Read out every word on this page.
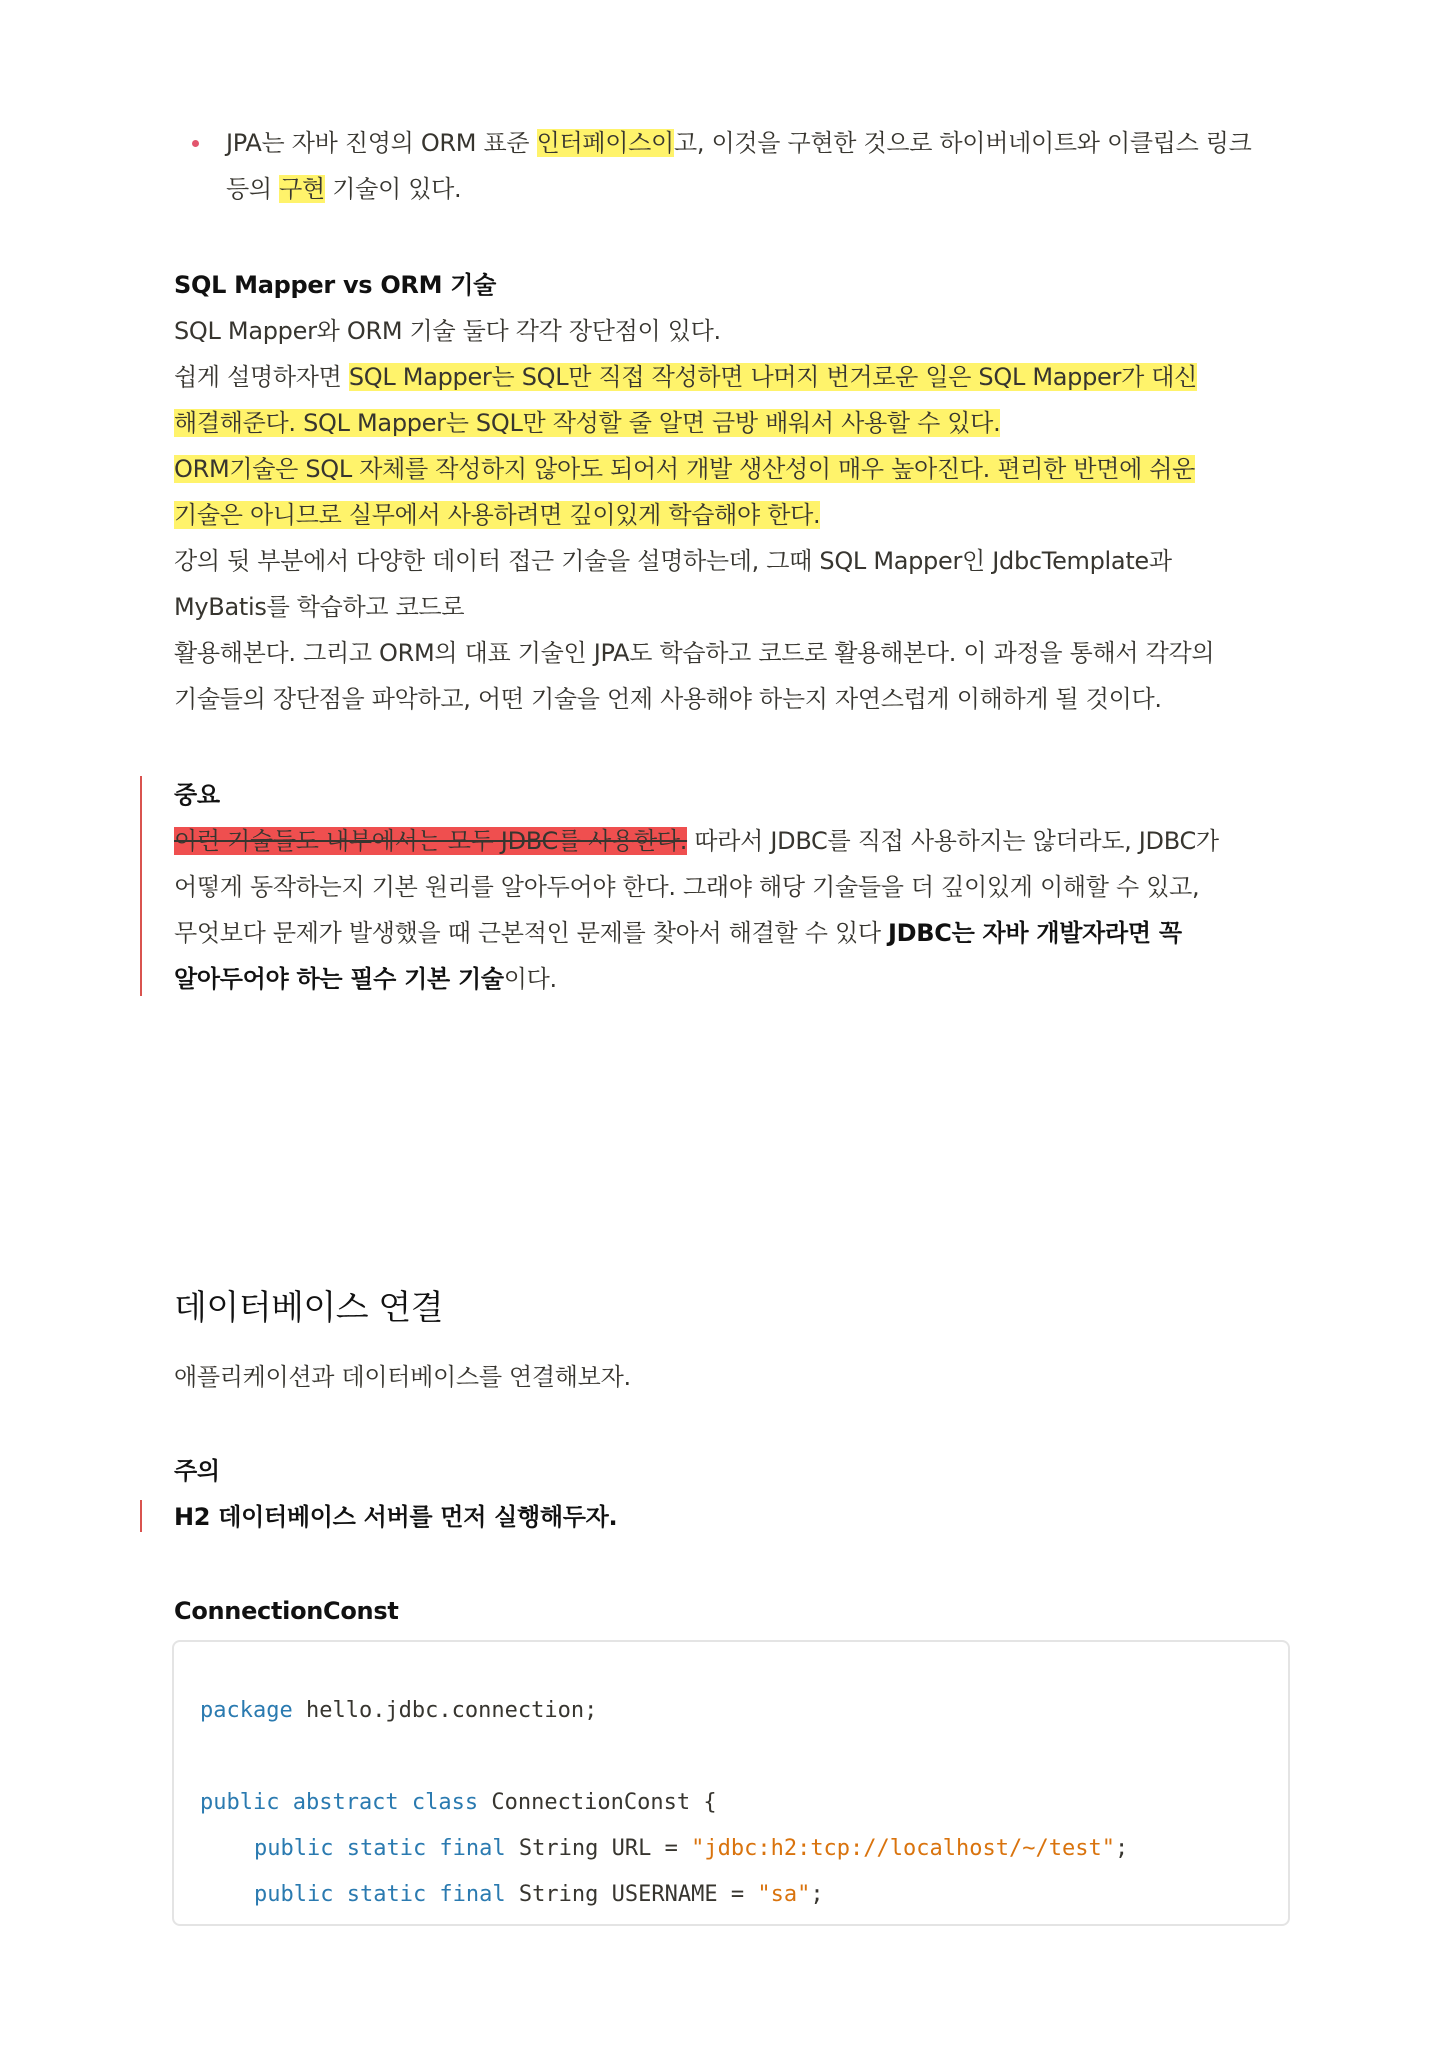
JPA는 자바 진영의 ORM 표준 인터페이스이고, 이것을 구현한 것으로 하이버네이트와 이클립스 링크
등의 구현 기술이 있다.
SQL Mapper vs ORM 기술
SQL Mapper와 ORM 기술 둘다 각각 장단점이 있다.
쉽게 설명하자면 SQL Mapper는 SQL만 직접 작성하면 나머지 번거로운 일은 SQL Mapper가 대신
해결해준다. SQL Mapper는 SQL만 작성할 줄 알면 금방 배워서 사용할 수 있다.
ORM기술은 SQL 자체를 작성하지 않아도 되어서 개발 생산성이 매우 높아진다. 편리한 반면에 쉬운
기술은 아니므로 실무에서 사용하려면 깊이있게 학습해야 한다.
강의 뒷 부분에서 다양한 데이터 접근 기술을 설명하는데, 그때 SQL Mapper인 JdbcTemplate과
MyBatis를 학습하고 코드로
활용해본다. 그리고 ORM의 대표 기술인 JPA도 학습하고 코드로 활용해본다. 이 과정을 통해서 각각의
기술들의 장단점을 파악하고, 어떤 기술을 언제 사용해야 하는지 자연스럽게 이해하게 될 것이다.
중요
이런 기술들도 내부에서는 모두 JDBC를 사용한다. 따라서 JDBC를 직접 사용하지는 않더라도, JDBC가
어떻게 동작하는지 기본 원리를 알아두어야 한다. 그래야 해당 기술들을 더 깊이있게 이해할 수 있고,
무엇보다 문제가 발생했을 때 근본적인 문제를 찾아서 해결할 수 있다 JDBC는 자바 개발자라면 꼭
알아두어야 하는 필수 기본 기술이다.
데이터베이스 연결
애플리케이션과 데이터베이스를 연결해보자.
주의
H2 데이터베이스 서버를 먼저 실행해두자.
ConnectionConst
package hello.jdbc.connection;
public abstract class ConnectionConst {
public static final String URL = "jdbc:h2:tcp://localhost/~/test";
public static final String USERNAME = "sa";
